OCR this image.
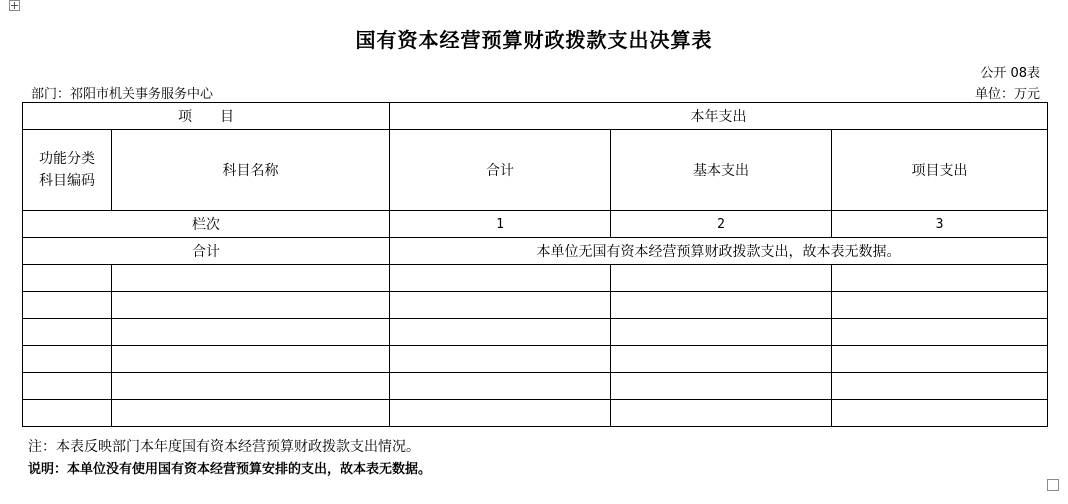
国有资本经营预算财政拨款支出决算表
公开 08表
部门：祁阳市机关事务服务中心	单位：万元
项　　目		本年支出		
功能分类
科目编码	科目名称	合计	基本支出	项目支出
栏次		1	2	3
合计		本单位无国有资本经营预算财政拨款支出，故本表无数据。		

注：本表反映部门本年度国有资本经营预算财政拨款支出情况。
说明：本单位没有使用国有资本经营预算安排的支出，故本表无数据。
